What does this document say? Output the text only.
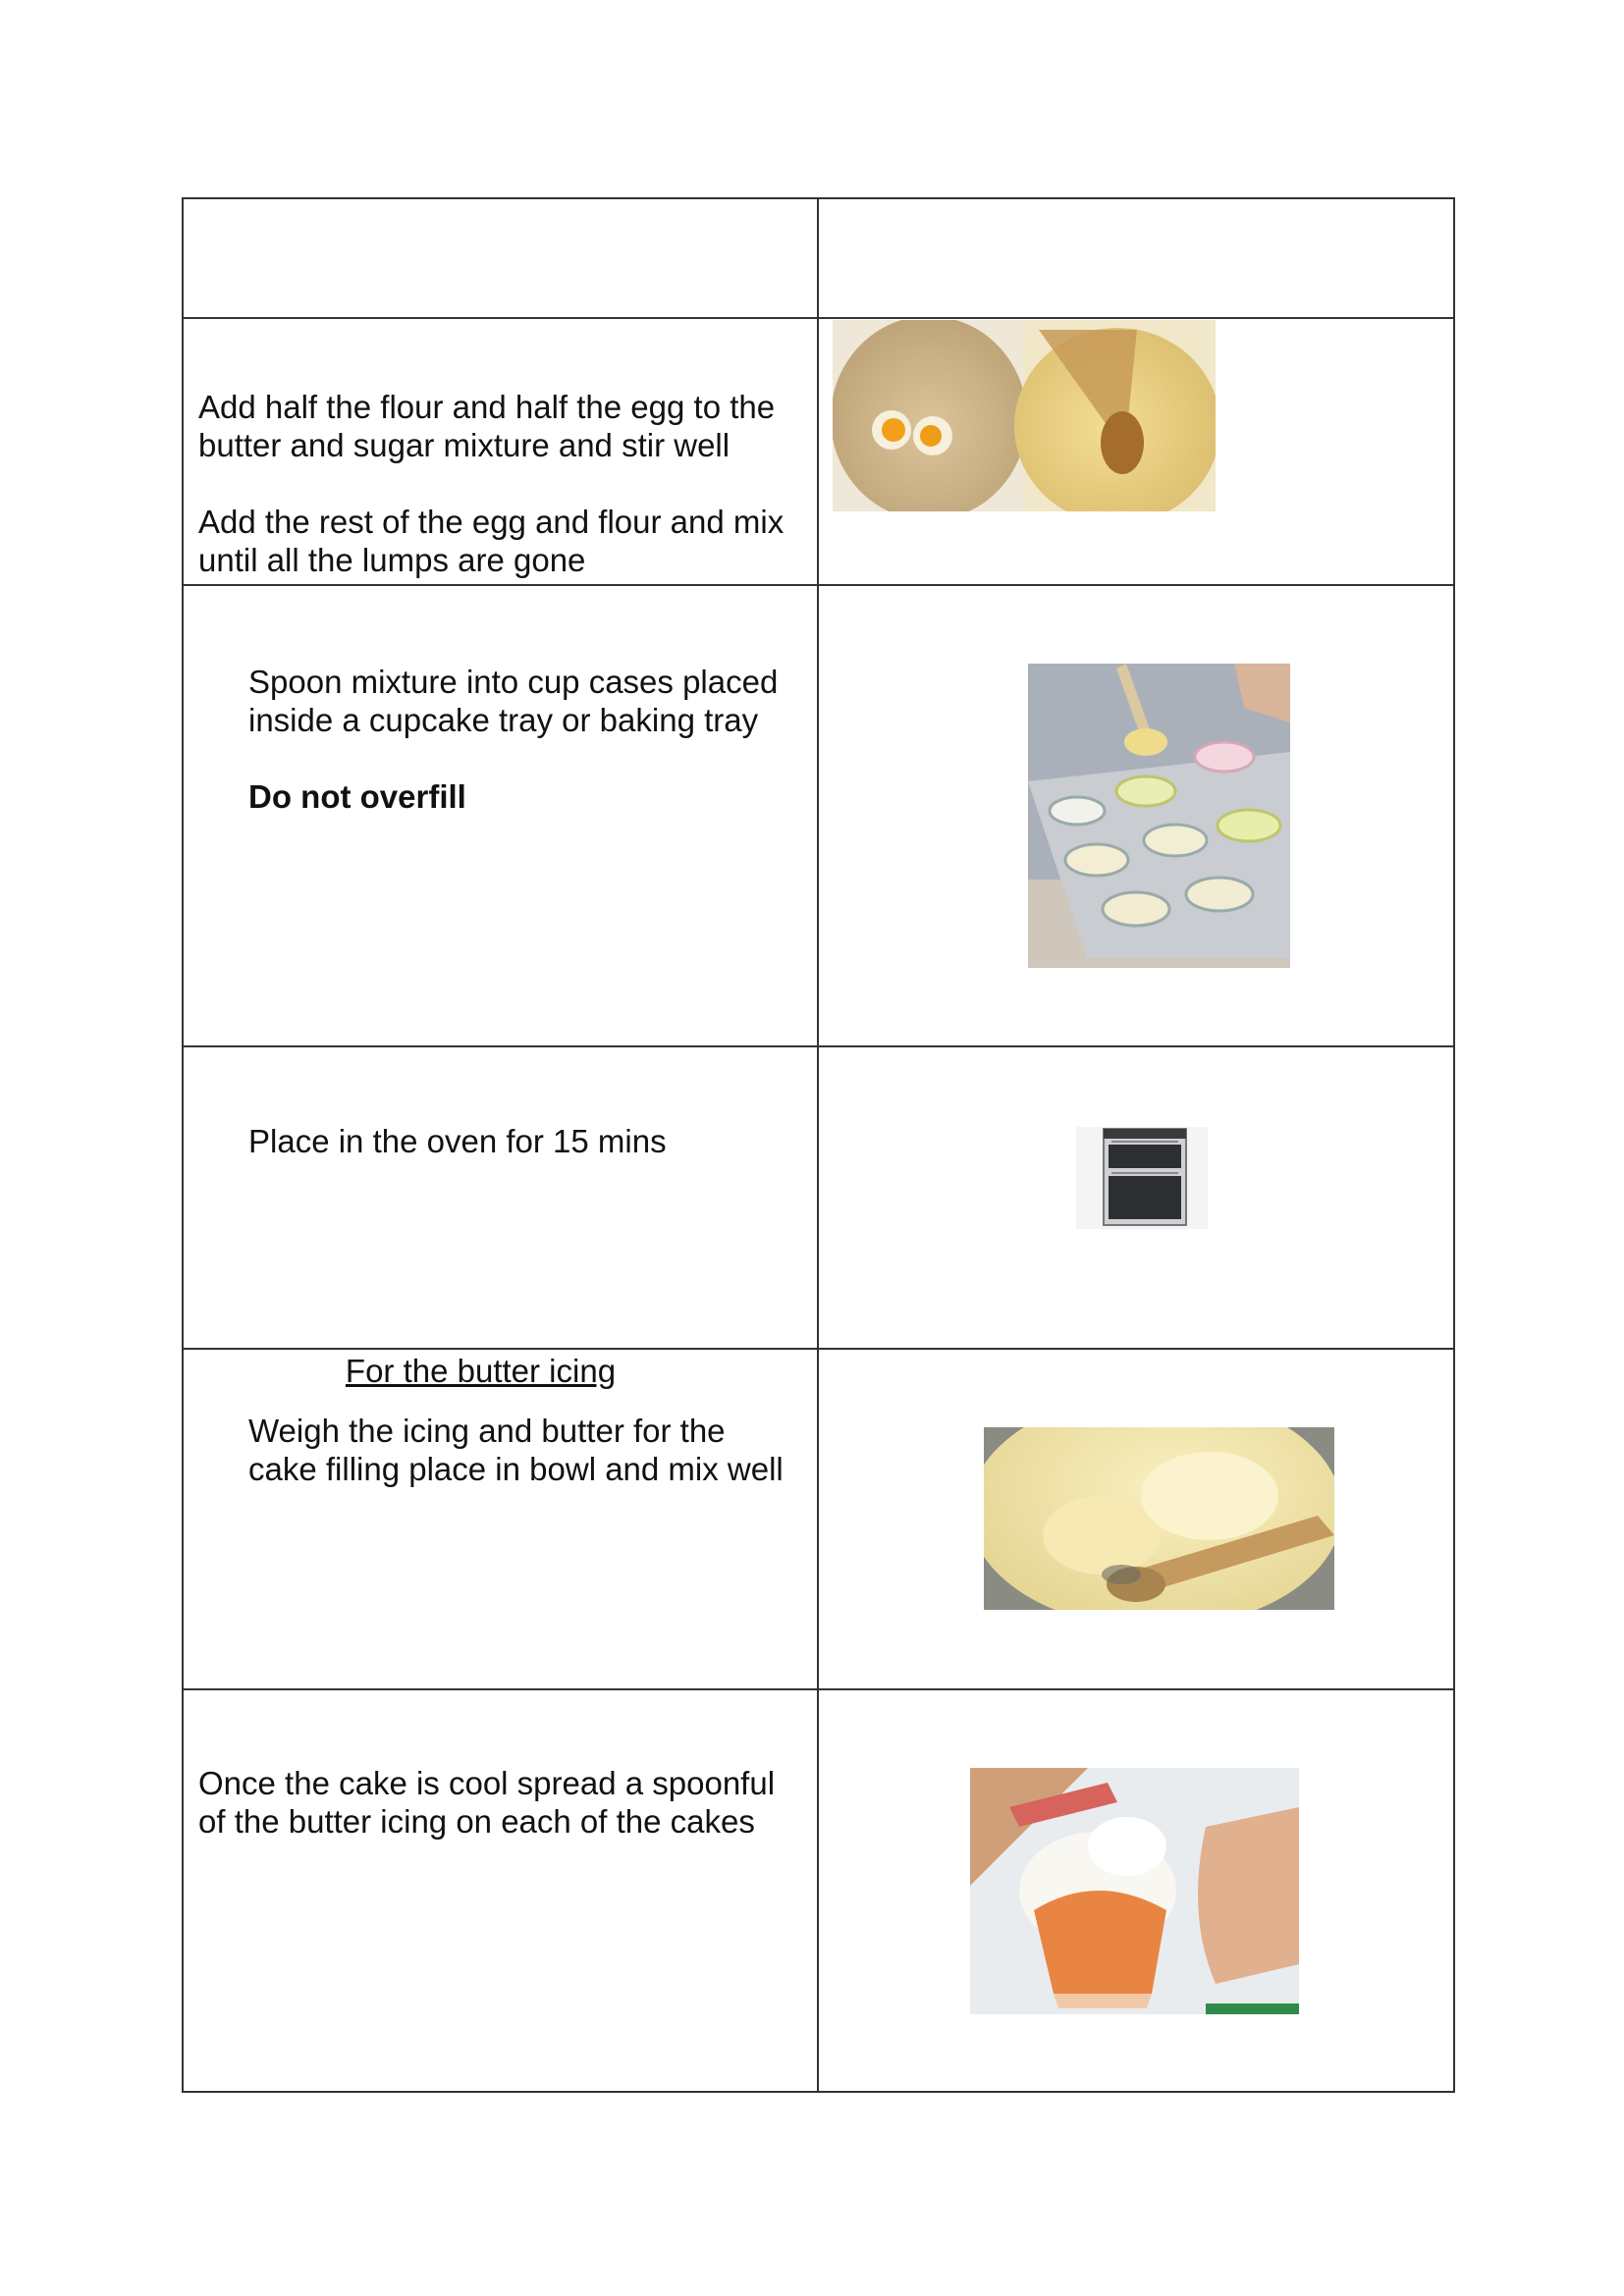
Add half the flour and half the egg to the
butter and sugar mixture and stir well
Add the rest of the egg and flour and mix
until all the lumps are gone

Spoon mixture into cup cases placed
inside a cupcake tray or baking tray
Do not overfill

Place in the oven for 15 mins

For the butter icing
Weigh the icing and butter for the
cake filling place in bowl and mix well

Once the cake is cool spread a spoonful
of the butter icing on each of the cakes
